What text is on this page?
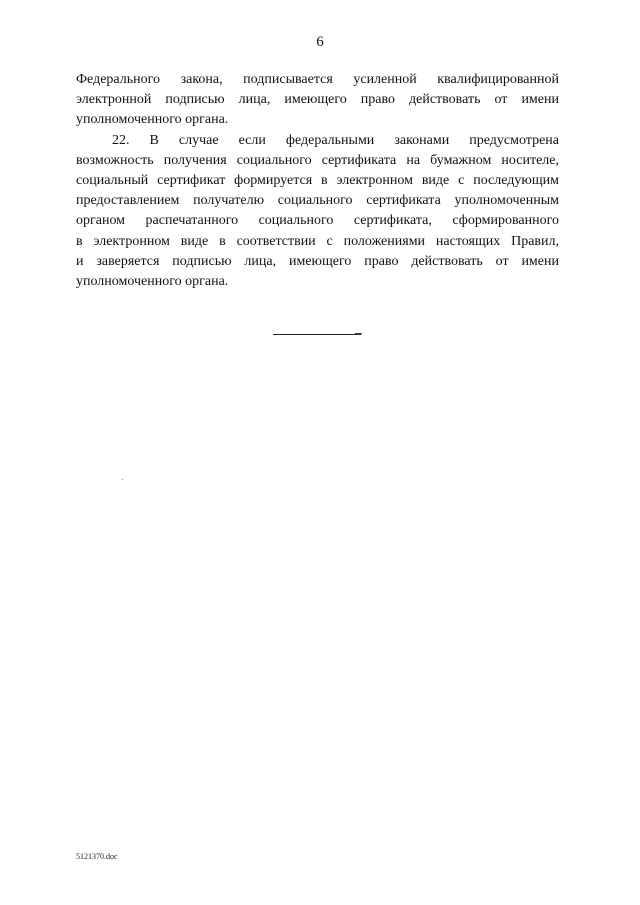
6
Федерального закона, подписывается усиленной квалифицированной
электронной подписью лица, имеющего право действовать от имени
уполномоченного органа.
22. В случае если федеральными законами предусмотрена
возможность получения социального сертификата на бумажном носителе,
социальный сертификат формируется в электронном виде с последующим
предоставлением получателю социального сертификата уполномоченным
органом распечатанного социального сертификата, сформированного
в электронном виде в соответствии с положениями настоящих Правил,
и заверяется подписью лица, имеющего право действовать от имени
уполномоченного органа.
5121370.doc
